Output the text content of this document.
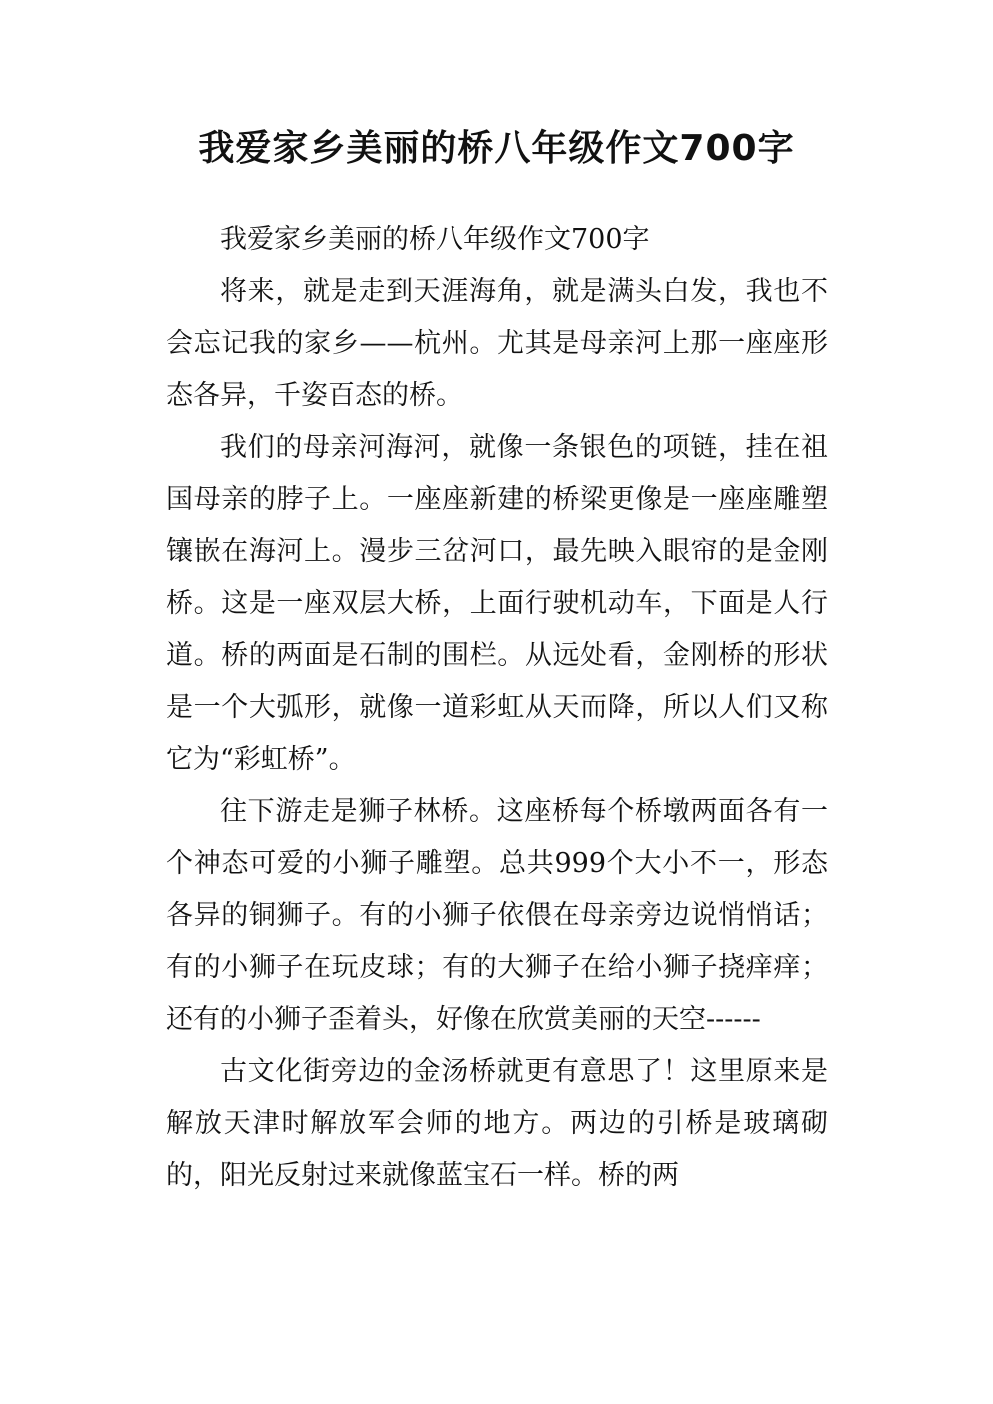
我爱家乡美丽的桥八年级作文700字

我爱家乡美丽的桥八年级作文700字

将来，就是走到天涯海角，就是满头白发，我也不会忘记我的家乡——杭州。尤其是母亲河上那一座座形态各异，千姿百态的桥。

我们的母亲河海河，就像一条银色的项链，挂在祖国母亲的脖子上。一座座新建的桥梁更像是一座座雕塑镶嵌在海河上。漫步三岔河口，最先映入眼帘的是金刚桥。这是一座双层大桥，上面行驶机动车，下面是人行道。桥的两面是石制的围栏。从远处看，金刚桥的形状是一个大弧形，就像一道彩虹从天而降，所以人们又称它为“彩虹桥”。

往下游走是狮子林桥。这座桥每个桥墩两面各有一个神态可爱的小狮子雕塑。总共999个大小不一，形态各异的铜狮子。有的小狮子依偎在母亲旁边说悄悄话；有的小狮子在玩皮球；有的大狮子在给小狮子挠痒痒；还有的小狮子歪着头，好像在欣赏美丽的天空------

古文化街旁边的金汤桥就更有意思了！这里原来是解放天津时解放军会师的地方。两边的引桥是玻璃砌的，阳光反射过来就像蓝宝石一样。桥的两
